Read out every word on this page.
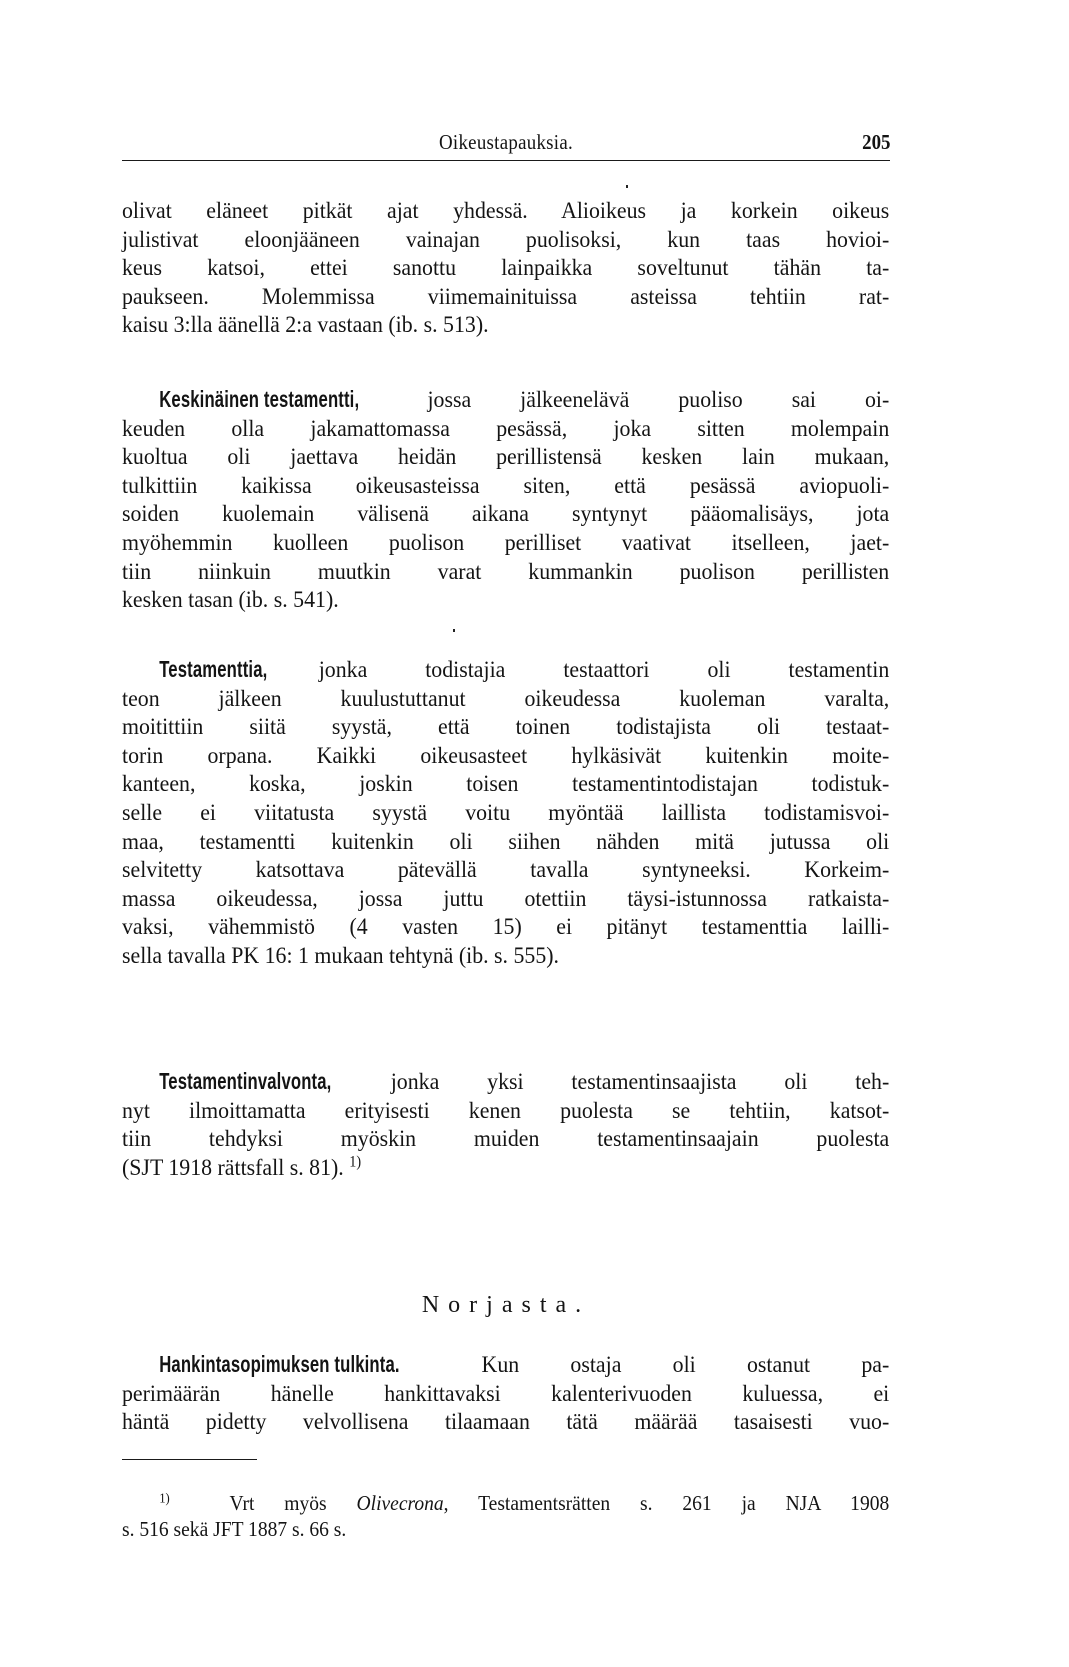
Oikeustapauksia.	205
olivat eläneet pitkät ajat yhdessä. Alioikeus ja korkein oikeus
julistivat eloonjääneen vainajan puolisoksi, kun taas hovioi-
keus katsoi, ettei sanottu lainpaikka soveltunut tähän ta-
paukseen. Molemmissa viimemainituissa asteissa tehtiin rat-
kaisu 3:lla äänellä 2:a vastaan (ib. s. 513).
Keskinäinen testamentti,	jossa jälkeenelävä puoliso sai oi-
keuden olla jakamattomassa pesässä, joka sitten molempain
kuoltua oli jaettava heidän perillistensä kesken lain mukaan,
tulkittiin kaikissa oikeusasteissa siten, että pesässä aviopuoli-
soiden kuolemain välisenä aikana syntynyt pääomalisäys, jota
myöhemmin kuolleen puolison perilliset vaativat itselleen, jaet-
tiin niinkuin muutkin varat kummankin puolison perillisten
kesken tasan (ib. s. 541).
Testamenttia, jonka todistajia testaattori oli testamentin
teon jälkeen kuulustuttanut oikeudessa kuoleman varalta,
moitittiin siitä syystä, että toinen todistajista oli testaat-
torin orpana. Kaikki oikeusasteet hylkäsivät kuitenkin moite-
kanteen, koska, joskin toisen testamentintodistajan todistuk-
selle ei viitatusta syystä voitu myöntää laillista todistamisvoi-
maa, testamentti kuitenkin oli siihen nähden mitä jutussa oli
selvitetty katsottava pätevällä tavalla syntyneeksi. Korkeim-
massa oikeudessa, jossa juttu otettiin täysi-istunnossa ratkaista-
vaksi, vähemmistö (4 vasten 15) ei pitänyt testamenttia lailli-
sella tavalla PK 16: 1 mukaan tehtynä (ib. s. 555).
Testamentinvalvonta,	jonka yksi testamentinsaajista oli teh-
nyt ilmoittamatta erityisesti kenen puolesta se tehtiin, katsot-
tiin tehdyksi myöskin muiden testamentinsaajain puolesta
(SJT 1918 rättsfall s. 81). $^{1)}$
Norjasta.
Hankintasopimuksen tulkinta.	Kun ostaja oli ostanut pa-
perimäärän hänelle hankittavaksi kalenterivuoden kuluessa, ei
häntä pidetty velvollisena tilaamaan tätä määrää tasaisesti vuo-
$^{1)}$	Vrt myös Olivecrona, Testamentsrätten s. 261 ja NJA 1908
s. 516 sekä JFT 1887 s. 66 s.
